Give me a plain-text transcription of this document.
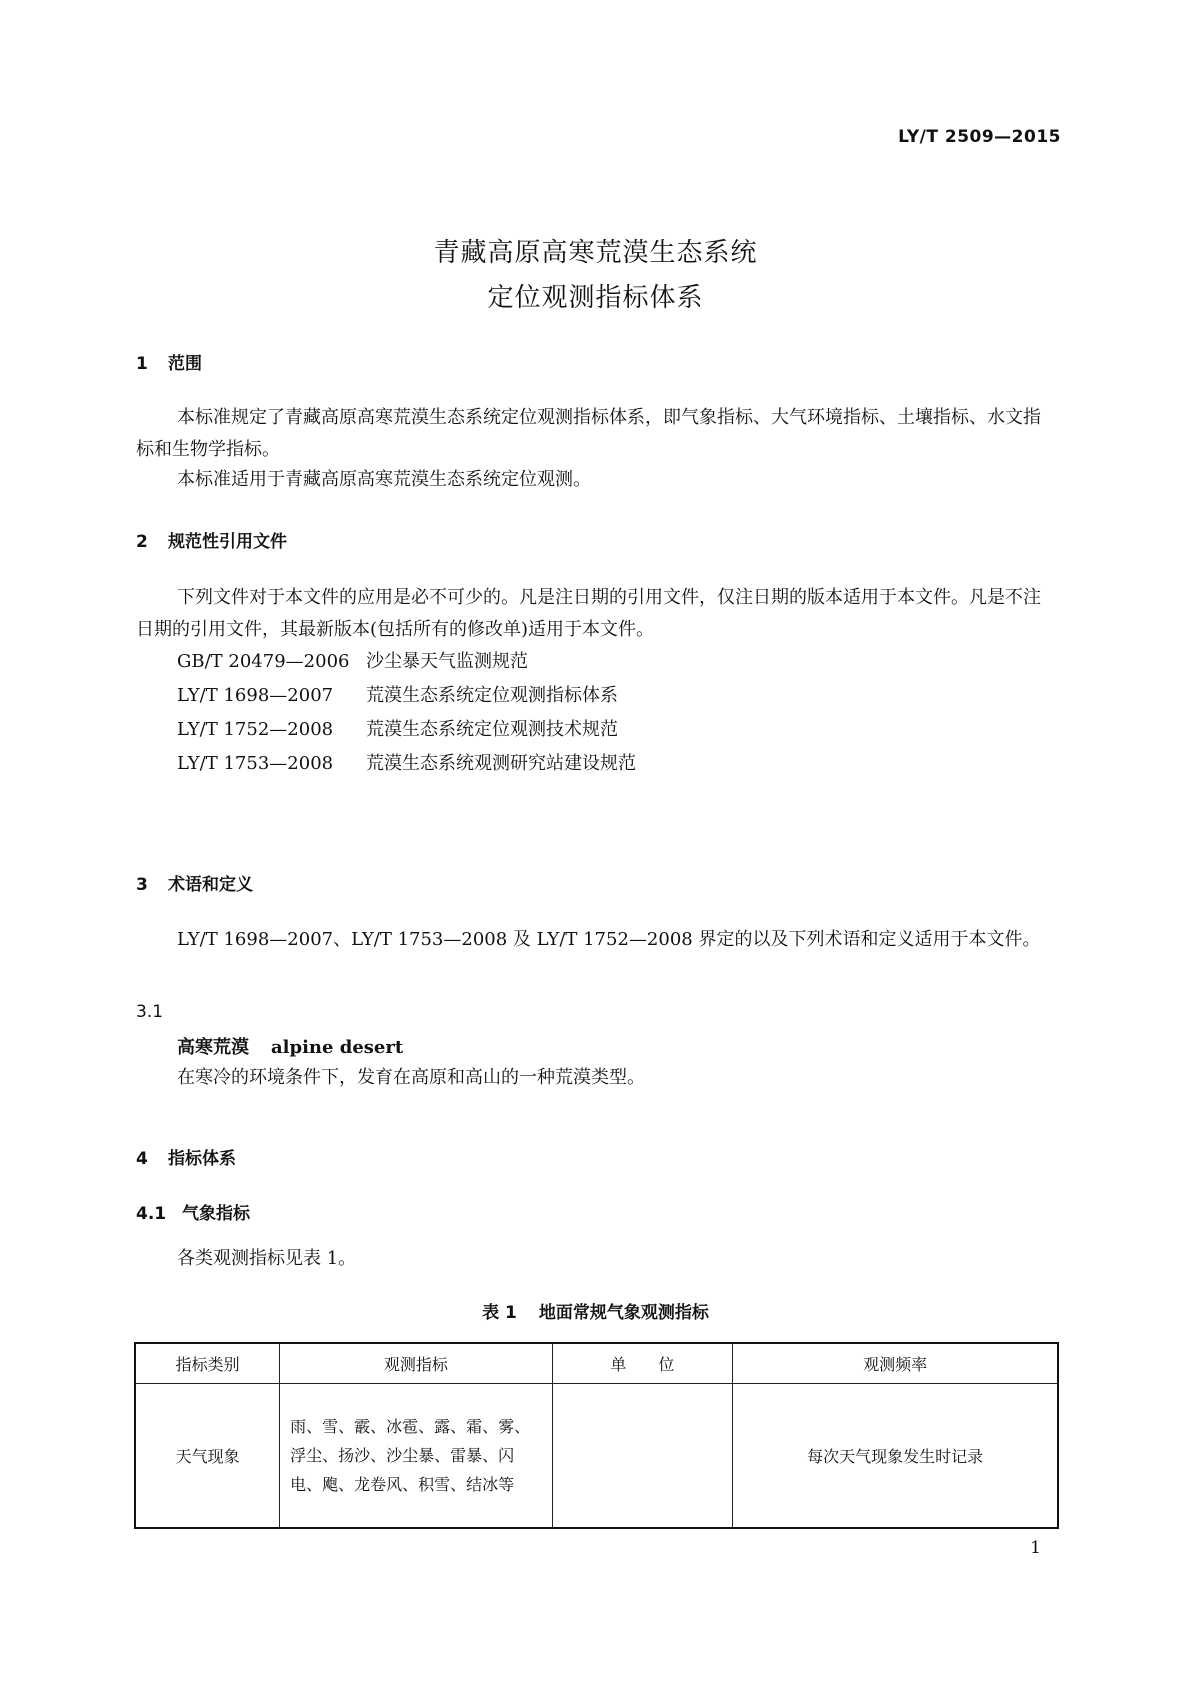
LY/T 2509—2015
青藏高原高寒荒漠生态系统
定位观测指标体系
1 范围
本标准规定了青藏高原高寒荒漠生态系统定位观测指标体系，即气象指标、大气环境指标、土壤指标、水文指标和生物学指标。
本标准适用于青藏高原高寒荒漠生态系统定位观测。
2 规范性引用文件
下列文件对于本文件的应用是必不可少的。凡是注日期的引用文件，仅注日期的版本适用于本文件。凡是不注日期的引用文件，其最新版本(包括所有的修改单)适用于本文件。
GB/T 20479—2006 沙尘暴天气监测规范
LY/T 1698—2007 荒漠生态系统定位观测指标体系
LY/T 1752—2008 荒漠生态系统定位观测技术规范
LY/T 1753—2008 荒漠生态系统观测研究站建设规范
3 术语和定义
LY/T 1698—2007、LY/T 1753—2008 及 LY/T 1752—2008 界定的以及下列术语和定义适用于本文件。
3.1
高寒荒漠 alpine desert
在寒冷的环境条件下，发育在高原和高山的一种荒漠类型。
4 指标体系
4.1 气象指标
各类观测指标见表 1。
表 1 地面常规气象观测指标
指标类别	观测指标	单　　位	观测频率
天气现象	雨、雪、霰、冰雹、露、霜、雾、浮尘、扬沙、沙尘暴、雷暴、闪电、飑、龙卷风、积雪、结冰等		每次天气现象发生时记录
1
